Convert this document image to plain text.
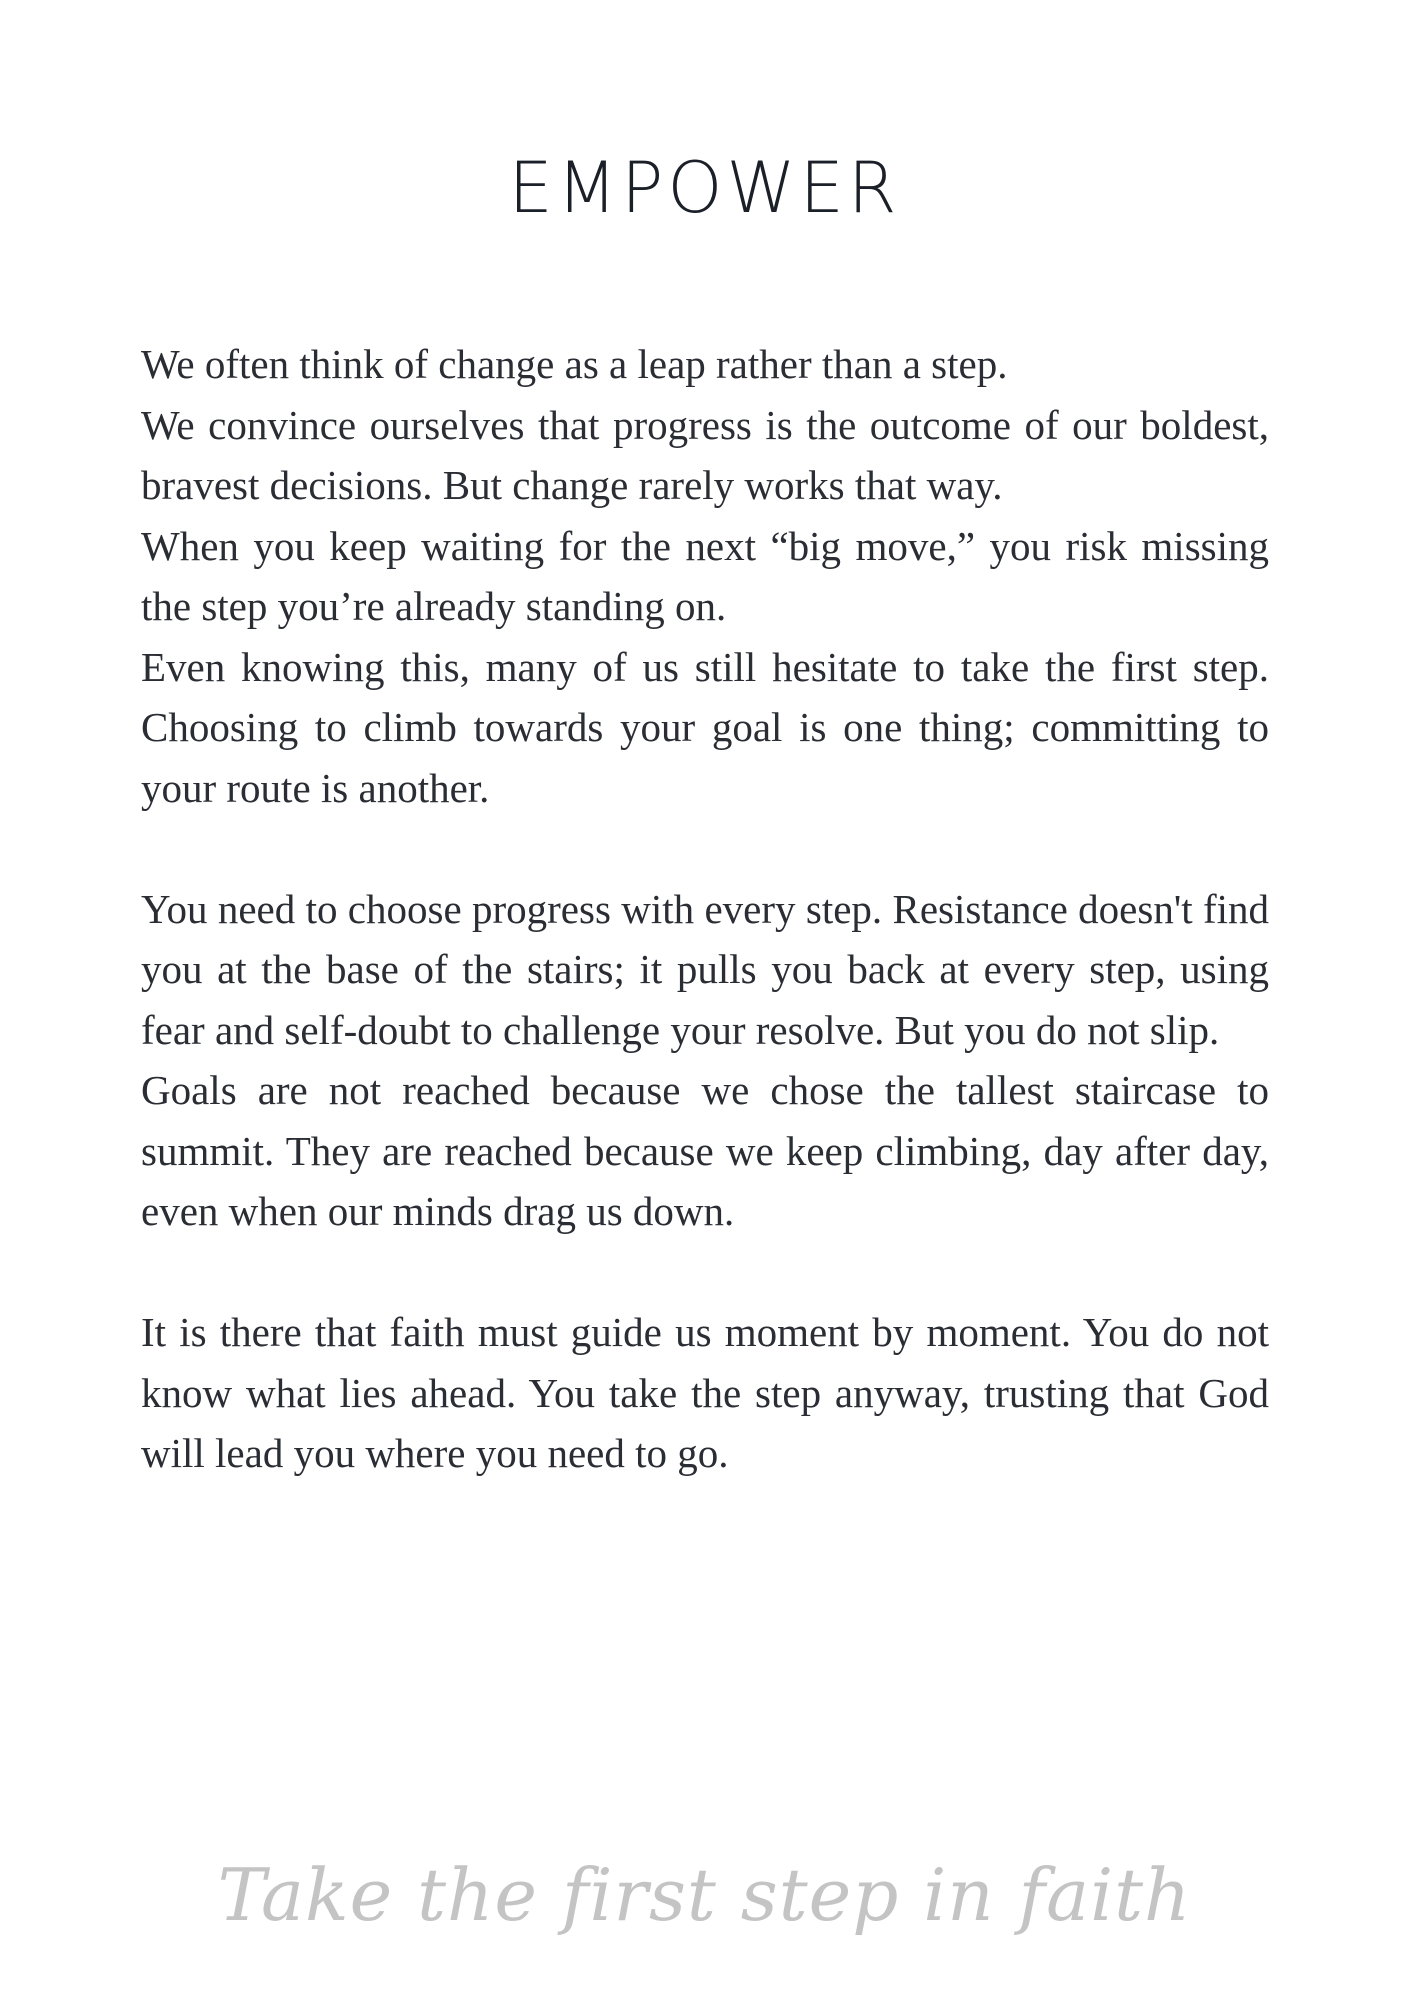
EMPOWER

We often think of change as a leap rather than a step.

We convince ourselves that progress is the outcome of our boldest, bravest decisions. But change rarely works that way.

When you keep waiting for the next “big move,” you risk missing the step you’re already standing on.

Even knowing this, many of us still hesitate to take the first step. Choosing to climb towards your goal is one thing; committing to your route is another.

You need to choose progress with every step. Resistance doesn't find you at the base of the stairs; it pulls you back at every step, using fear and self-doubt to challenge your resolve. But you do not slip.

Goals are not reached because we chose the tallest staircase to summit. They are reached because we keep climbing, day after day, even when our minds drag us down.

It is there that faith must guide us moment by moment. You do not know what lies ahead. You take the step anyway, trusting that God will lead you where you need to go.

Take the first step in faith
